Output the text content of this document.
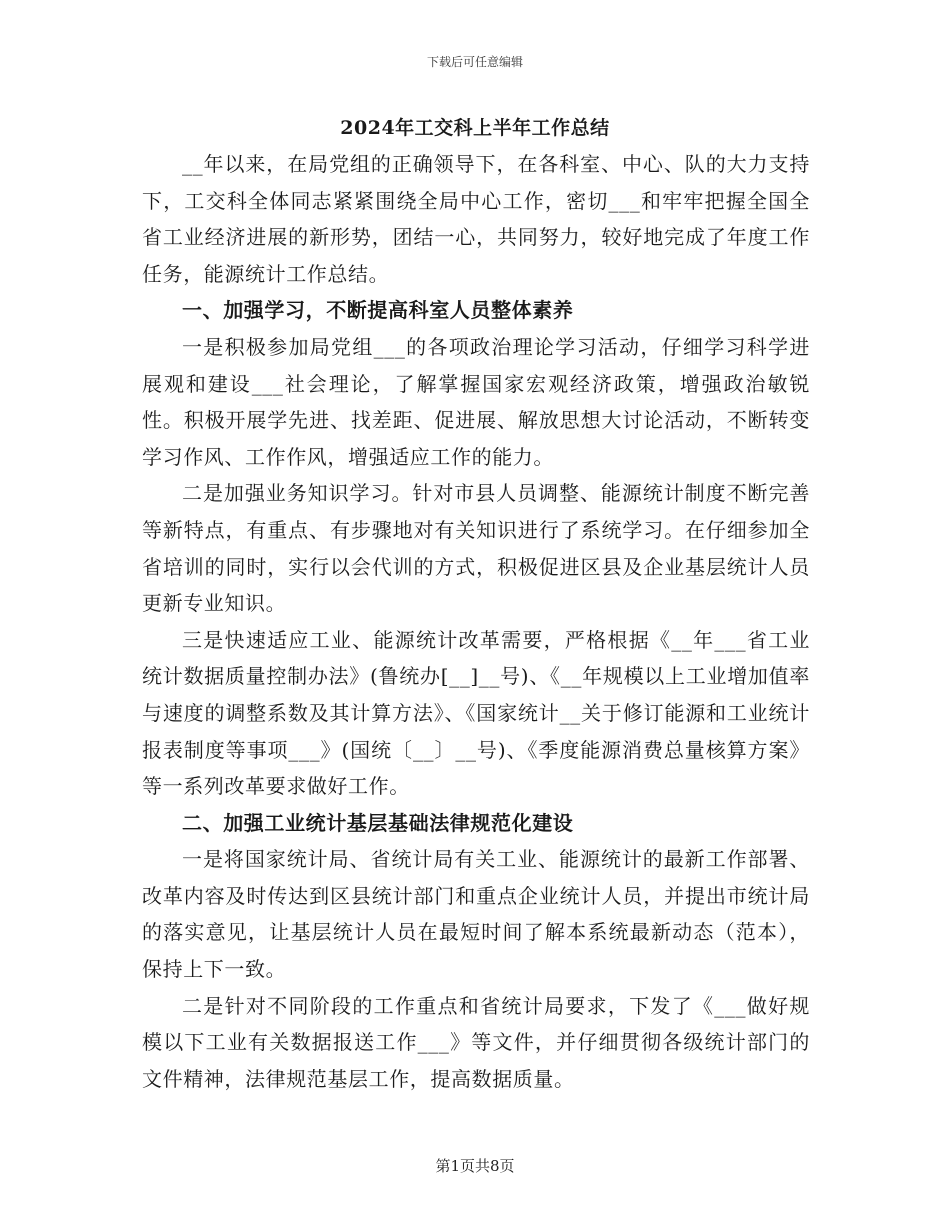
下载后可任意编辑
2024年工交科上半年工作总结

__年以来，在局党组的正确领导下，在各科室、中心、队的大力支持下，工交科全体同志紧紧围绕全局中心工作，密切___和牢牢把握全国全省工业经济进展的新形势，团结一心，共同努力，较好地完成了年度工作任务，能源统计工作总结。

一、加强学习，不断提高科室人员整体素养

一是积极参加局党组___的各项政治理论学习活动，仔细学习科学进展观和建设___社会理论，了解掌握国家宏观经济政策，增强政治敏锐性。积极开展学先进、找差距、促进展、解放思想大讨论活动，不断转变学习作风、工作作风，增强适应工作的能力。

二是加强业务知识学习。针对市县人员调整、能源统计制度不断完善等新特点，有重点、有步骤地对有关知识进行了系统学习。在仔细参加全省培训的同时，实行以会代训的方式，积极促进区县及企业基层统计人员更新专业知识。

三是快速适应工业、能源统计改革需要，严格根据《__年___省工业统计数据质量控制办法》(鲁统办[__]__号)、《__年规模以上工业增加值率与速度的调整系数及其计算方法》、《国家统计__关于修订能源和工业统计报表制度等事项___》(国统〔__〕__号)、《季度能源消费总量核算方案》等一系列改革要求做好工作。

二、加强工业统计基层基础法律规范化建设

一是将国家统计局、省统计局有关工业、能源统计的最新工作部署、改革内容及时传达到区县统计部门和重点企业统计人员，并提出市统计局的落实意见，让基层统计人员在最短时间了解本系统最新动态（范本），保持上下一致。

二是针对不同阶段的工作重点和省统计局要求，下发了《___做好规模以下工业有关数据报送工作___》等文件，并仔细贯彻各级统计部门的文件精神，法律规范基层工作，提高数据质量。

第1页共8页
